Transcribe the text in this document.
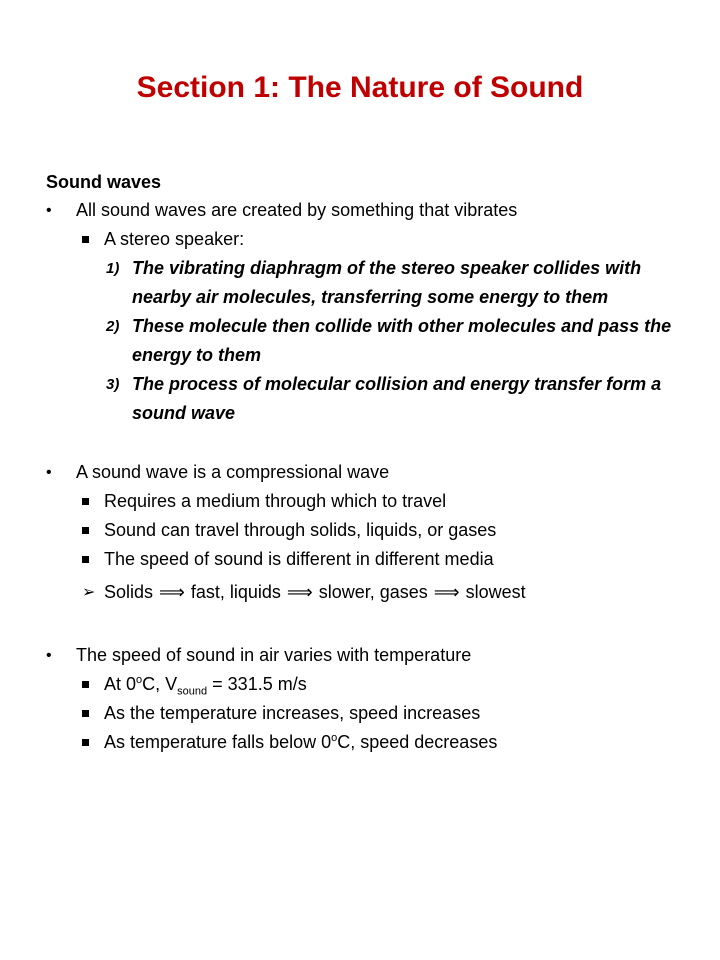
Section 1: The Nature of Sound
Sound waves
• All sound waves are created by something that vibrates
A stereo speaker:
1) The vibrating diaphragm of the stereo speaker collides with nearby air molecules, transferring some energy to them
2) These molecule then collide with other molecules and pass the energy to them
3) The process of molecular collision and energy transfer form a sound wave
• A sound wave is a compressional wave
Requires a medium through which to travel
Sound can travel through solids, liquids, or gases
The speed of sound is different in different media
➢ Solids ⟹ fast, liquids ⟹ slower, gases ⟹ slowest
• The speed of sound in air varies with temperature
At 0$^o$C, $V_{sound} = 331.5$ m/s
As the temperature increases, speed increases
As temperature falls below 0$^o$C, speed decreases
